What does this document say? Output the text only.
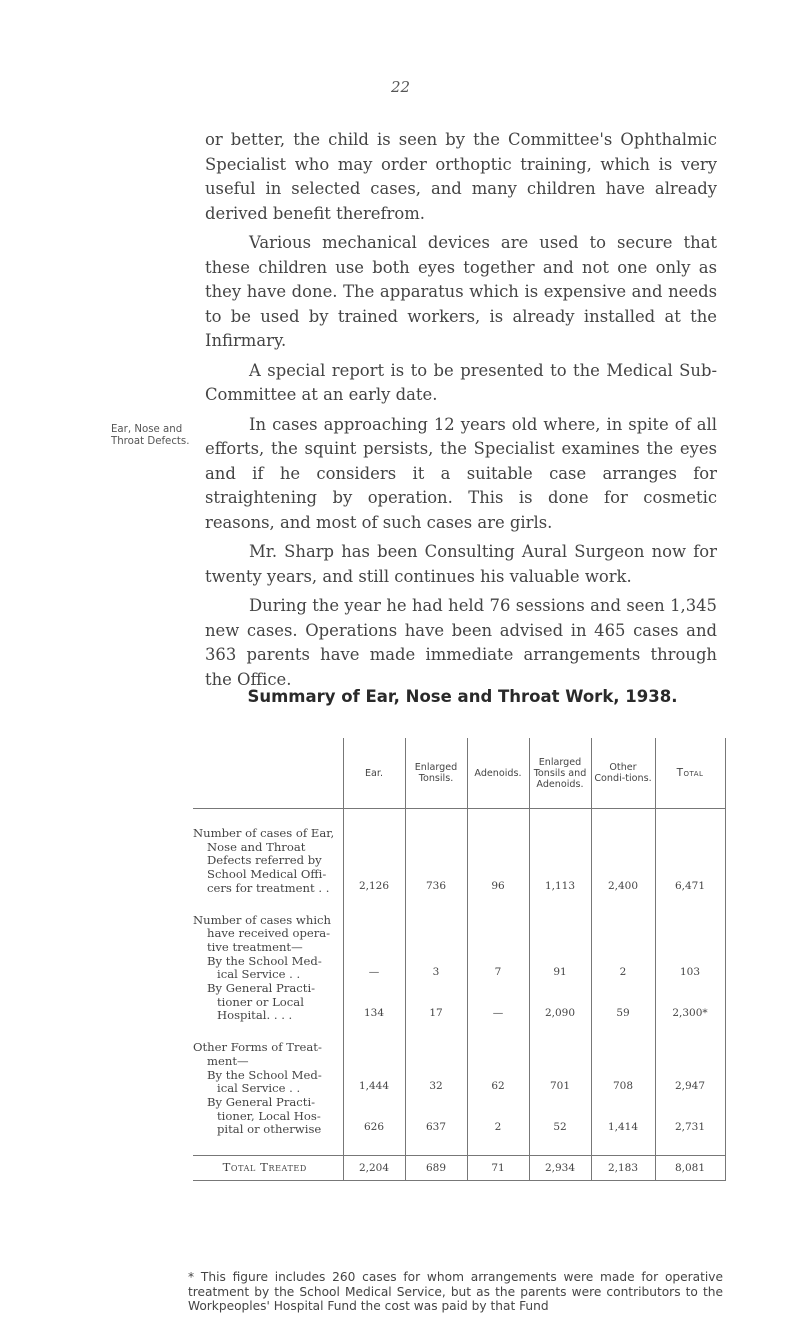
22

or better, the child is seen by the Committee's Ophthalmic Specialist who may order orthoptic training, which is very useful in selected cases, and many children have already derived benefit therefrom.

Various mechanical devices are used to secure that these children use both eyes together and not one only as they have done. The apparatus which is expensive and needs to be used by trained workers, is already installed at the Infirmary.

A special report is to be presented to the Medical Sub-Committee at an early date.

In cases approaching 12 years old where, in spite of all efforts, the squint persists, the Specialist examines the eyes and if he considers it a suitable case arranges for straightening by operation. This is done for cosmetic reasons, and most of such cases are girls.

Mr. Sharp has been Consulting Aural Surgeon now for twenty years, and still continues his valuable work.

During the year he had held 76 sessions and seen 1,345 new cases. Operations have been advised in 465 cases and 363 parents have made immediate arrangements through the Office.

Ear, Nose and Throat Defects.
Summary of Ear, Nose and Throat Work, 1938.
	Ear.	Enlarged Tonsils.	Adenoids.	Enlarged Tonsils and Adenoids.	Other Condi-tions.	Total

Number of cases of Ear, Nose and Throat Defects referred by School Medical Offi-cers for treatment . .	2,126	736	96	1,113	2,400	6,471

Number of cases which have received opera-tive treatment—
By the School Med-ical Service . .	—	3	7	91	2	103

By General Practi-tioner or Local Hospital. . . .	134	17	—	2,090	59	2,300*

Other Forms of Treat-ment—
By the School Med-ical Service . .	1,444	32	62	701	708	2,947

By General Practi-tioner, Local Hos-pital or otherwise	626	637	2	52	1,414	2,731

Total Treated	2,204	689	71	2,934	2,183	8,081
* This figure includes 260 cases for whom arrangements were made for operative treatment by the School Medical Service, but as the parents were contributors to the Workpeoples' Hospital Fund the cost was paid by that Fund
